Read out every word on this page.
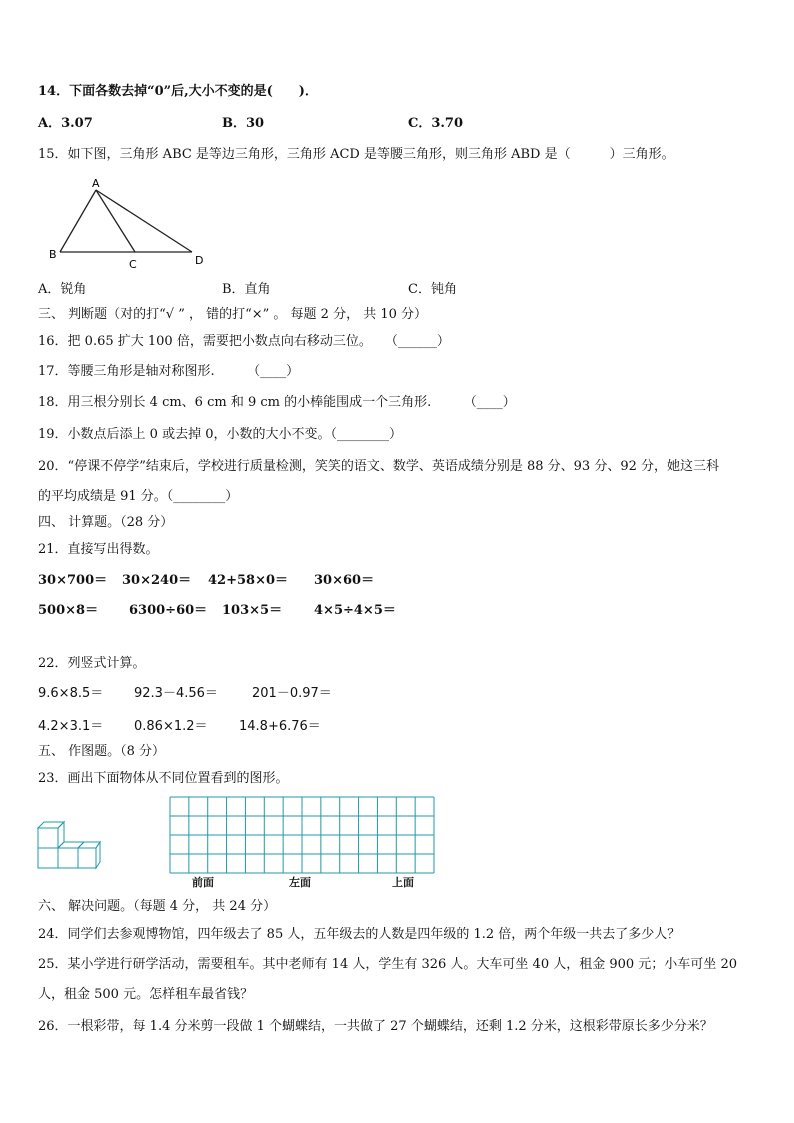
14．下面各数去掉“0”后,大小不变的是(　　)．
A．3.07	B．30	C．3.70
15．如下图，三角形 ABC 是等边三角形，三角形 ACD 是等腰三角形，则三角形 ABD 是（　　　）三角形。
A
B
C	D
A．锐角	B．直角	C．钝角
三、 判断题（对的打“√ ” ， 错的打“×” 。 每题 2 分， 共 10 分）
16．把 0.65 扩大 100 倍，需要把小数点向右移动三位。　　（______）
17．等腰三角形是轴对称图形.　　　（____）
18．用三根分别长 4 cm、6 cm 和 9 cm 的小棒能围成一个三角形.　　　（____）
19．小数点后添上 0 或去掉 0，小数的大小不变。（________）
20．“停课不停学”结束后，学校进行质量检测，笑笑的语文、数学、英语成绩分别是 88 分、93 分、92 分，她这三科
的平均成绩是 91 分。（________）
四、 计算题。（28 分）
21．直接写出得数。
30×700＝ 30×240＝ 42+58×0＝ 30×60＝
500×8＝ 6300÷60＝ 103×5＝ 4×5÷4×5＝
22．列竖式计算。
9.6×8.5＝ 92.3－4.56＝	201－0.97＝
4.2×3.1＝ 0.86×1.2＝ 14.8+6.76＝
五、 作图题。（8 分）
23．画出下面物体从不同位置看到的图形。
前面	左面	上面
六、 解决问题。（每题 4 分， 共 24 分）
24．同学们去参观博物馆，四年级去了 85 人，五年级去的人数是四年级的 1.2 倍，两个年级一共去了多少人？
25．某小学进行研学活动，需要租车。其中老师有 14 人，学生有 326 人。大车可坐 40 人，租金 900 元；小车可坐 20
人，租金 500 元。怎样租车最省钱？
26．一根彩带，每 1.4 分米剪一段做 1 个蝴蝶结，一共做了 27 个蝴蝶结，还剩 1.2 分米，这根彩带原长多少分米？
